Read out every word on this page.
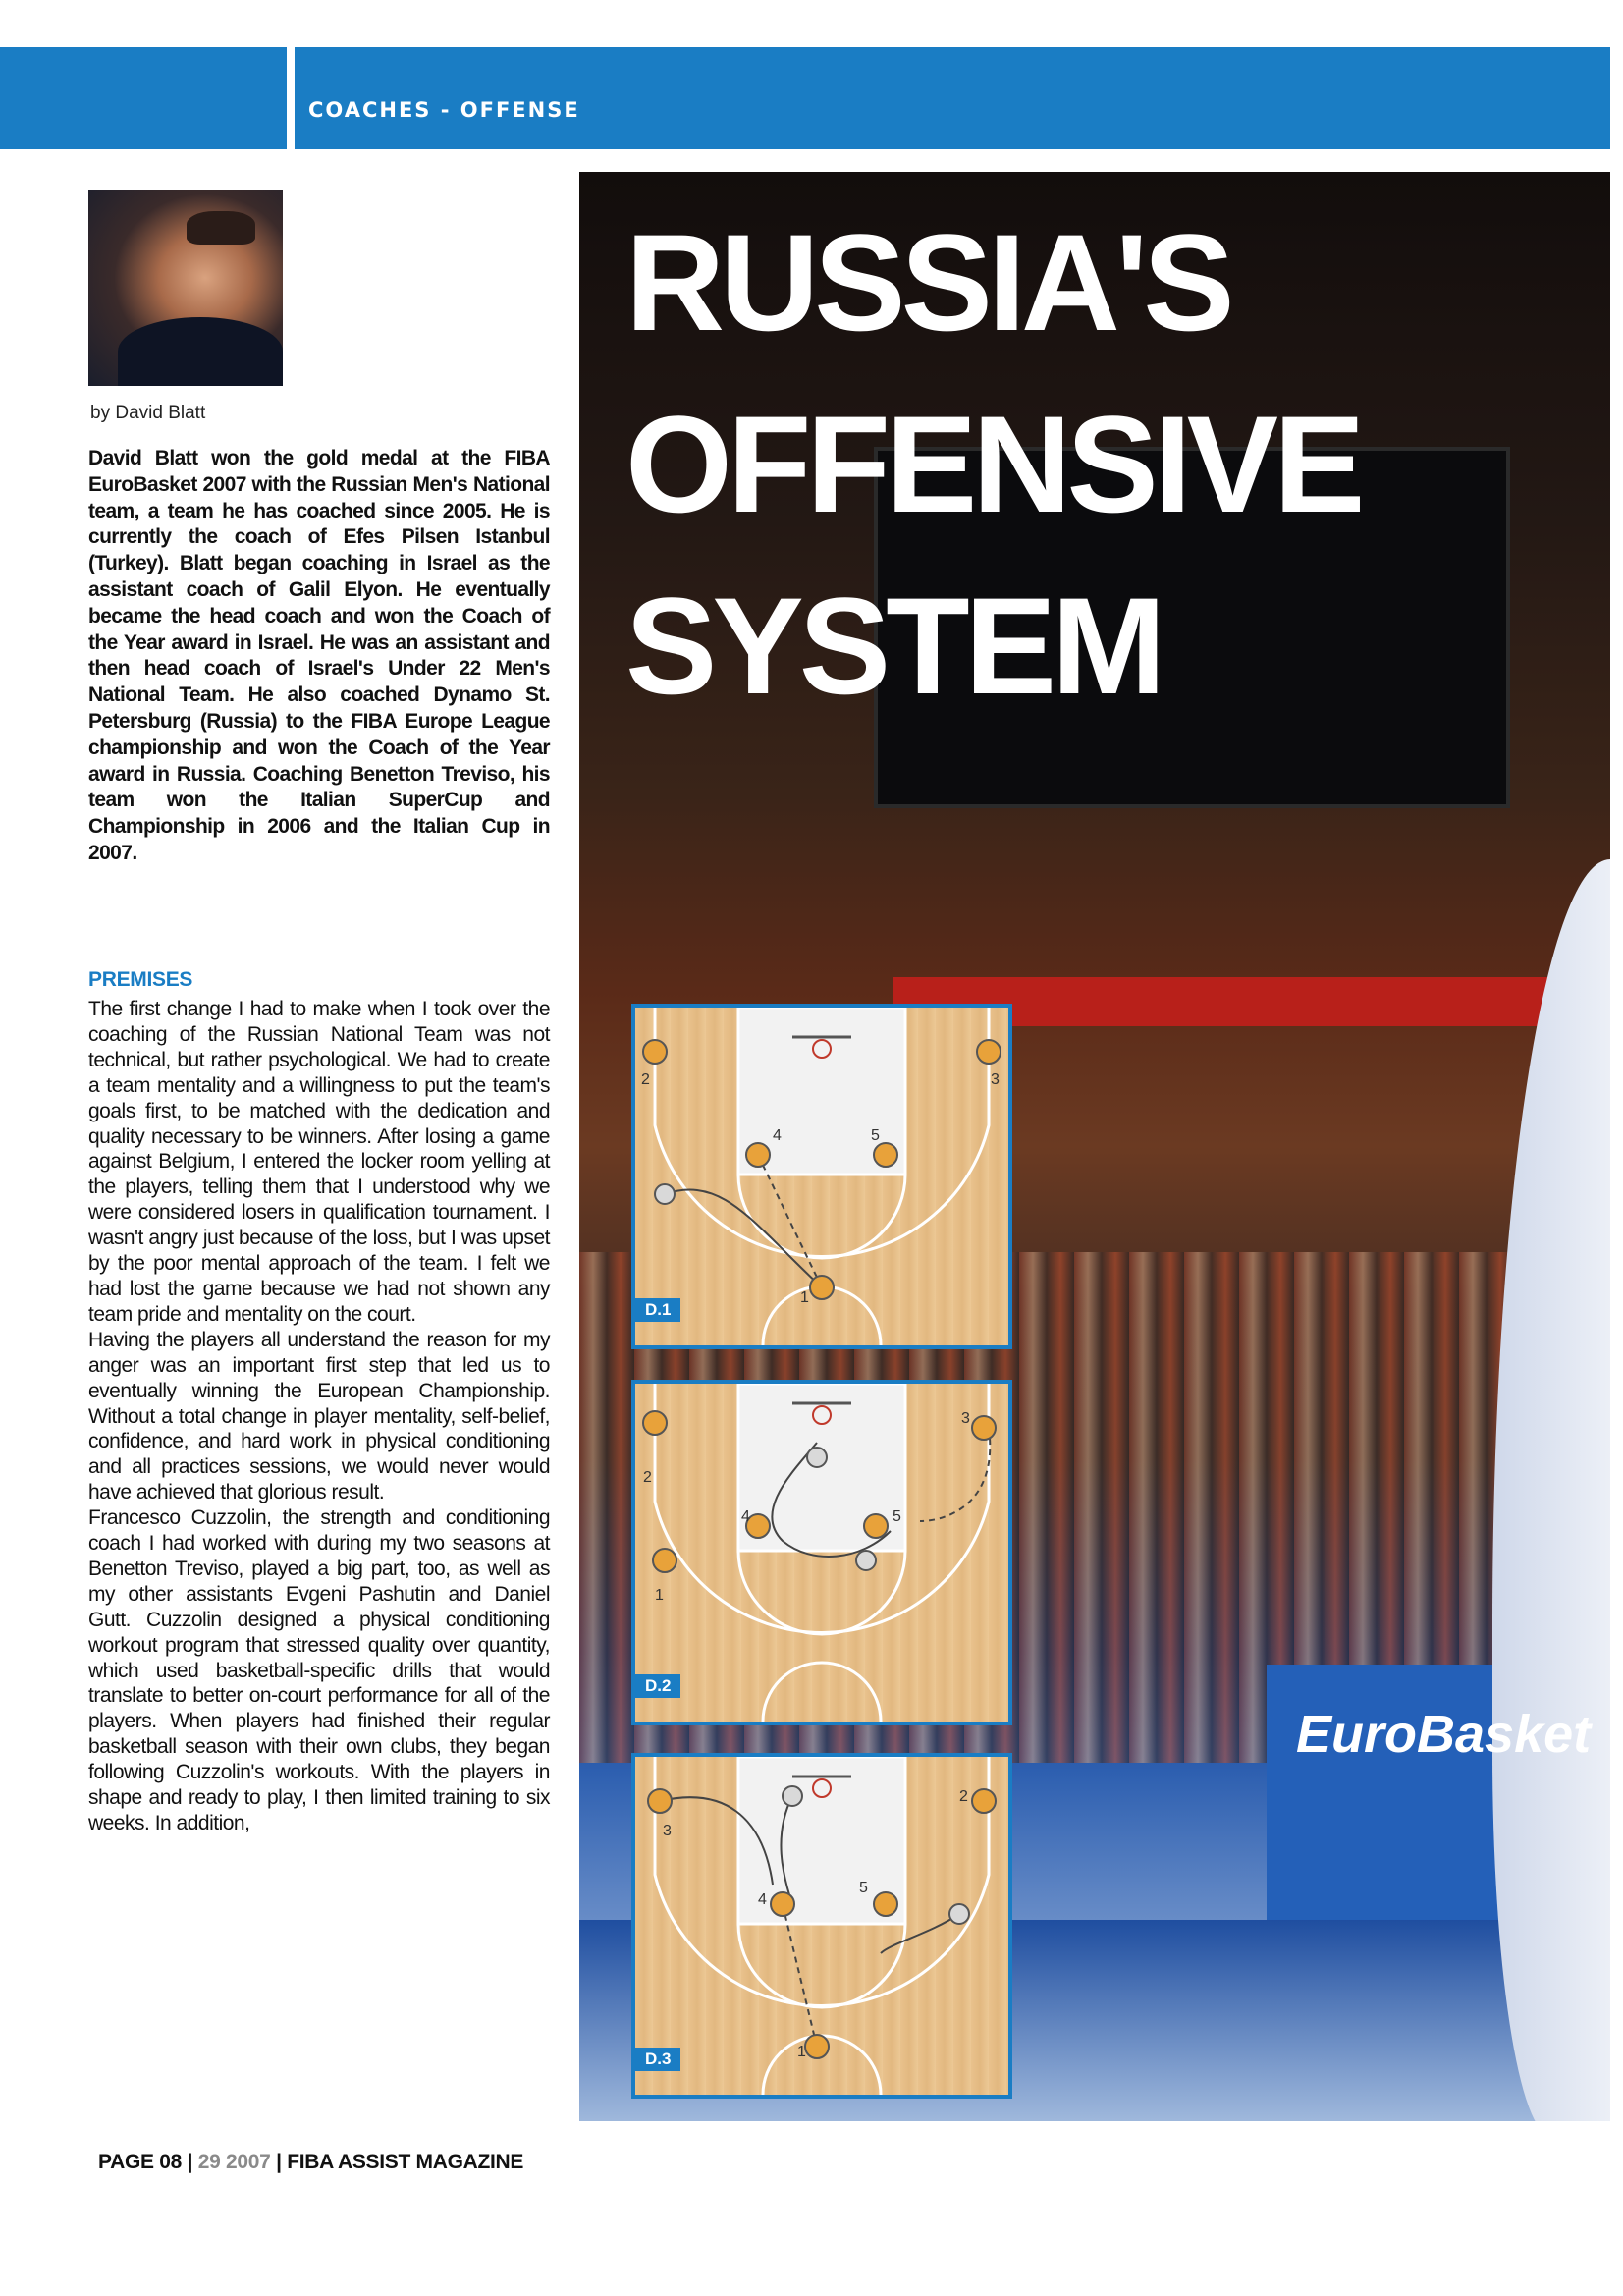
COACHES - OFFENSE
by David Blatt

David Blatt won the gold medal at the FIBA EuroBasket 2007 with the Russian Men's National team, a team he has coached since 2005. He is currently the coach of Efes Pilsen Istanbul (Turkey). Blatt began coaching in Israel as the assistant coach of Galil Elyon. He eventually became the head coach and won the Coach of the Year award in Israel. He was an assistant and then head coach of Israel's Under 22 Men's National Team. He also coached Dynamo St. Petersburg (Russia) to the FIBA Europe League championship and won the Coach of the Year award in Russia. Coaching Benetton Treviso, his team won the Italian SuperCup and Championship in 2006 and the Italian Cup in 2007.

PREMISES

The first change I had to make when I took over the coaching of the Russian National Team was not technical, but rather psychological. We had to create a team mentality and a willingness to put the team's goals first, to be matched with the dedication and quality necessary to be winners. After losing a game against Belgium, I entered the locker room yelling at the players, telling them that I understood why we were considered losers in qualification tournament. I wasn't angry just because of the loss, but I was upset by the poor mental approach of the team. I felt we had lost the game because we had not shown any team pride and mentality on the court.

Having the players all understand the reason for my anger was an important first step that led us to eventually winning the European Championship. Without a total change in player mentality, self-belief, confidence, and hard work in physical conditioning and all practices sessions, we would never would have achieved that glorious result.

Francesco Cuzzolin, the strength and conditioning coach I had worked with during my two seasons at Benetton Treviso, played a big part, too, as well as my other assistants Evgeni Pashutin and Daniel Gutt. Cuzzolin designed a physical conditioning workout program that stressed quality over quantity, which used basketball-specific drills that would translate to better on-court performance for all of the players. When players had finished their regular basketball season with their own clubs, they began following Cuzzolin's workouts. With the players in shape and ready to play, I then limited training to six weeks. In addition,

EuroBasket
RUSSIA'S
OFFENSIVE
SYSTEM
2	3
4	5
1
D.1
2
3
4	5
1
D.2
2
3
4
5
1
D.3
PAGE 08 | 29 2007 | FIBA ASSIST MAGAZINE
